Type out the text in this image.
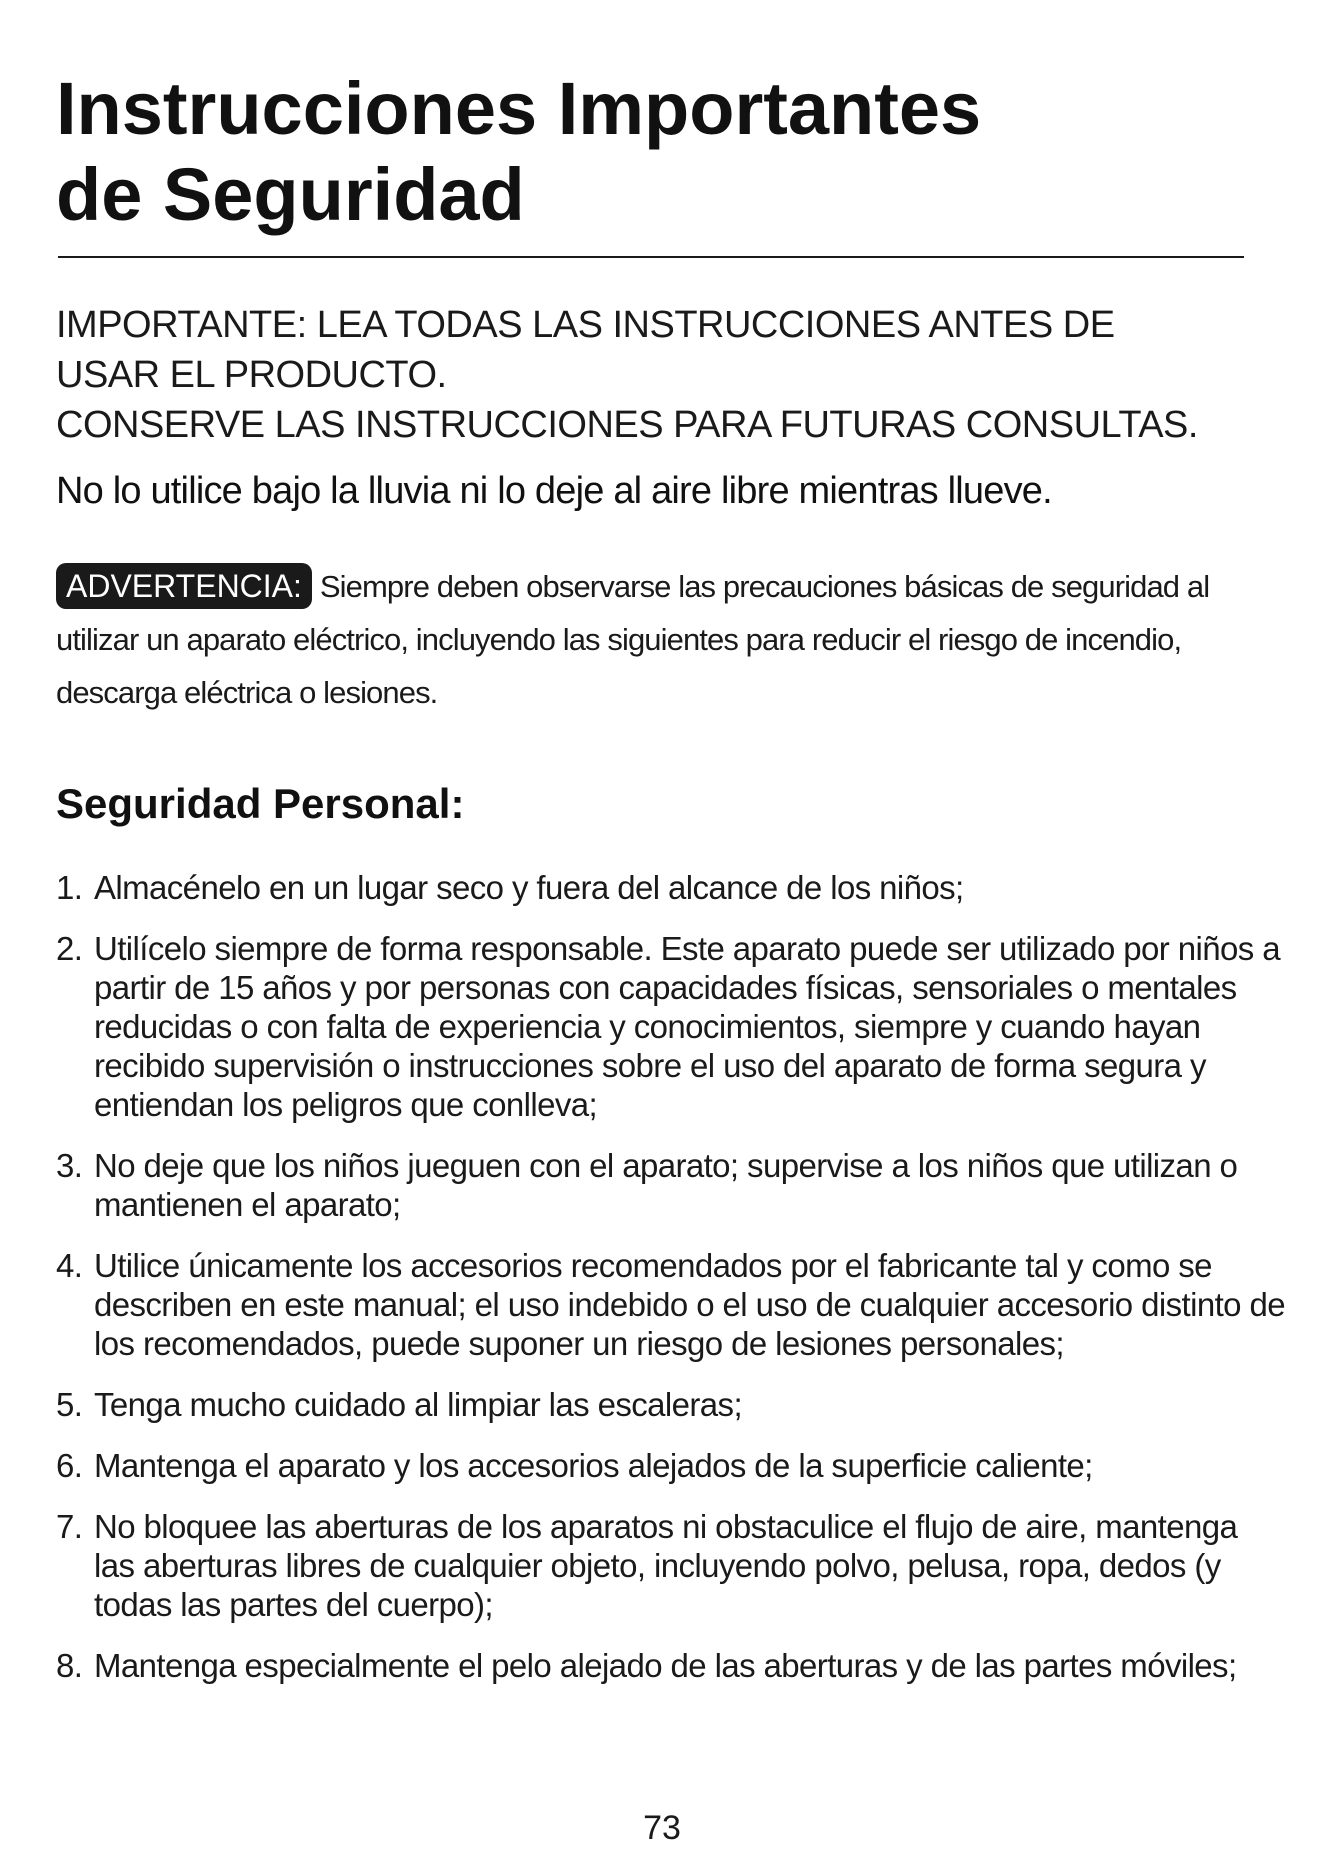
Instrucciones Importantes
de Seguridad
IMPORTANTE: LEA TODAS LAS INSTRUCCIONES ANTES DE
USAR EL PRODUCTO.
CONSERVE LAS INSTRUCCIONES PARA FUTURAS CONSULTAS.
No lo utilice bajo la lluvia ni lo deje al aire libre mientras llueve.
ADVERTENCIA: Siempre deben observarse las precauciones básicas de seguridad al utilizar un aparato eléctrico, incluyendo las siguientes para reducir el riesgo de incendio, descarga eléctrica o lesiones.
Seguridad Personal:
1. Almacénelo en un lugar seco y fuera del alcance de los niños;
2. Utilícelo siempre de forma responsable. Este aparato puede ser utilizado por niños a partir de 15 años y por personas con capacidades físicas, sensoriales o mentales reducidas o con falta de experiencia y conocimientos, siempre y cuando hayan recibido supervisión o instrucciones sobre el uso del aparato de forma segura y entiendan los peligros que conlleva;
3. No deje que los niños jueguen con el aparato; supervise a los niños que utilizan o mantienen el aparato;
4. Utilice únicamente los accesorios recomendados por el fabricante tal y como se describen en este manual; el uso indebido o el uso de cualquier accesorio distinto de los recomendados, puede suponer un riesgo de lesiones personales;
5. Tenga mucho cuidado al limpiar las escaleras;
6. Mantenga el aparato y los accesorios alejados de la superficie caliente;
7. No bloquee las aberturas de los aparatos ni obstaculice el flujo de aire, mantenga las aberturas libres de cualquier objeto, incluyendo polvo, pelusa, ropa, dedos (y todas las partes del cuerpo);
8. Mantenga especialmente el pelo alejado de las aberturas y de las partes móviles;
73
